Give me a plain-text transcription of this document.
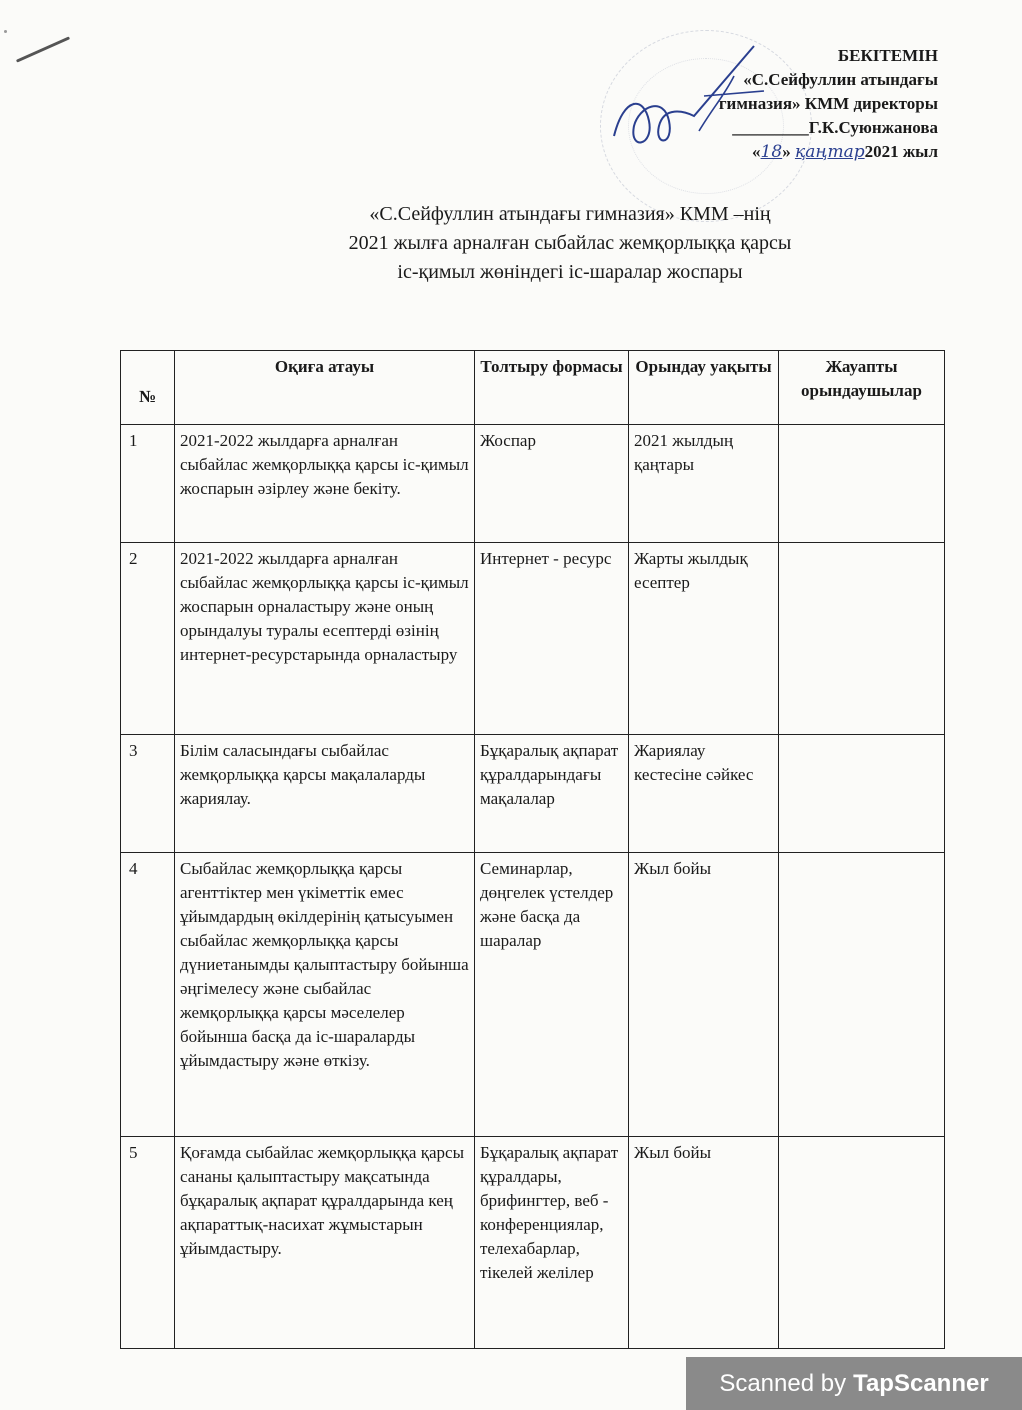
БЕКІТЕМІН
«С.Сейфуллин атындағы
гимназия» КММ директоры
_________Г.К.Суюнжанова
«18» қаңтар2021 жыл
«С.Сейфуллин атындағы гимназия» КММ –нің
2021 жылға арналған сыбайлас жемқорлыққа қарсы
іс-қимыл жөніндегі іс-шаралар жоспары
№	Оқиға атауы	Толтыру формасы	Орындау уақыты	Жауапты орындаушылар
1	2021-2022 жылдарға арналған сыбайлас жемқорлыққа қарсы іс-қимыл жоспарын әзірлеу және бекіту.	Жоспар	2021 жылдың қаңтары	
2	2021-2022 жылдарға арналған сыбайлас жемқорлыққа қарсы іс-қимыл жоспарын орналастыру және оның орындалуы туралы есептерді өзінің интернет-ресурстарында орналастыру	Интернет - ресурс	Жарты жылдық есептер	
3	Білім саласындағы сыбайлас жемқорлыққа қарсы мақалаларды жариялау.	Бұқаралық ақпарат құралдарындағы мақалалар	Жариялау кестесіне сәйкес	
4	Сыбайлас жемқорлыққа қарсы агенттіктер мен үкіметтік емес ұйымдардың өкілдерінің қатысуымен сыбайлас жемқорлыққа қарсы дүниетанымды қалыптастыру бойынша әңгімелесу және сыбайлас жемқорлыққа қарсы мәселелер бойынша басқа да іс-шараларды ұйымдастыру және өткізу.	Семинарлар, дөңгелек үстелдер және басқа да шаралар	Жыл бойы	
5	Қоғамда сыбайлас жемқорлыққа қарсы сананы қалыптастыру мақсатында бұқаралық ақпарат құралдарында кең ақпараттық-насихат жұмыстарын ұйымдастыру.	Бұқаралық ақпарат құралдары, брифингтер, веб - конференциялар, телехабарлар, тікелей желілер	Жыл бойы	
Scanned by TapScanner
